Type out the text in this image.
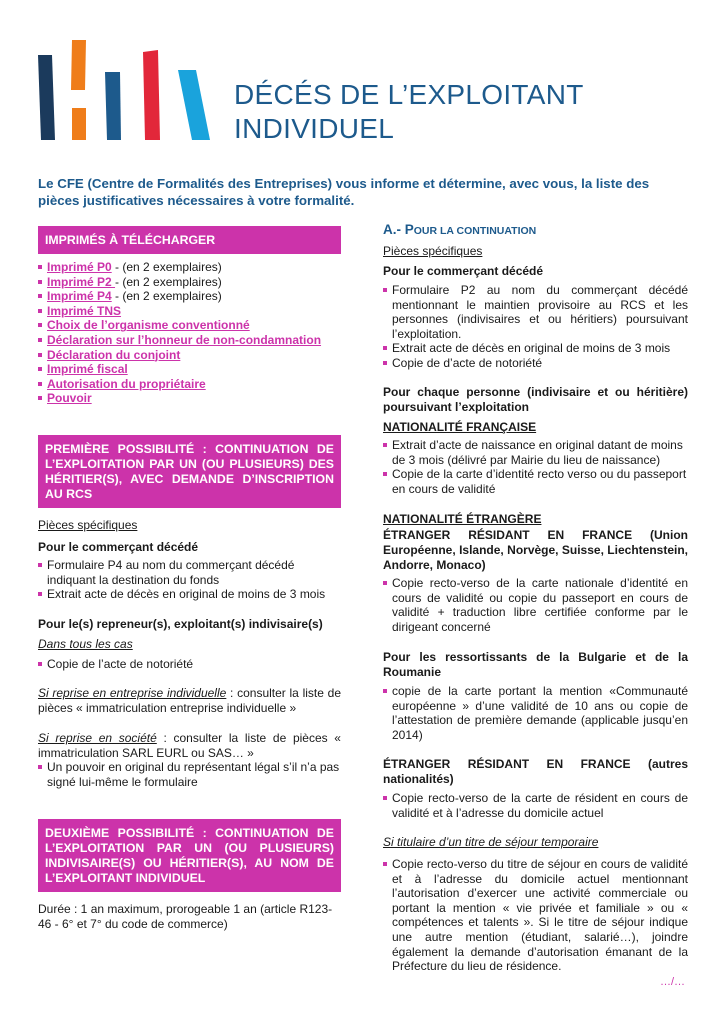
DÉCÉS DE L’EXPLOITANT
INDIVIDUEL
Le CFE (Centre de Formalités des Entreprises) vous informe et détermine, avec vous, la liste des pièces justificatives nécessaires à votre formalité.
IMPRIMÉS À TÉLÉCHARGER
Imprimé P0 - (en 2 exemplaires)
Imprimé P2 - (en 2 exemplaires)
Imprimé P4 - (en 2 exemplaires)
Imprimé TNS
Choix de l’organisme conventionné
Déclaration sur l’honneur de non-condamnation
Déclaration du conjoint
Imprimé fiscal
Autorisation du propriétaire
Pouvoir
PREMIÈRE POSSIBILITÉ : CONTINUATION DE L’EXPLOITATION PAR UN (OU PLUSIEURS) DES HÉRITIER(S), AVEC DEMANDE D’INSCRIPTION AU RCS
Pièces spécifiques
Pour le commerçant décédé
Formulaire P4 au nom du commerçant décédé indiquant la destination du fonds
Extrait acte de décès en original de moins de 3 mois
Pour le(s) repreneur(s), exploitant(s) indivisaire(s)
Dans tous les cas
Copie de l’acte de notoriété
Si reprise en entreprise individuelle : consulter la liste de pièces « immatriculation entreprise individuelle »
Si reprise en société : consulter la liste de pièces « immatriculation SARL EURL ou SAS… »
Un pouvoir en original du représentant légal s’il n’a pas signé lui-même le formulaire
DEUXIÈME POSSIBILITÉ : CONTINUATION DE L’EXPLOITATION PAR UN (OU PLUSIEURS) INDIVISAIRE(S) OU HÉRITIER(S), AU NOM DE L’EXPLOITANT INDIVIDUEL
Durée : 1 an maximum, prorogeable 1 an (article R123-46 - 6° et 7° du code de commerce)
A.- POUR LA CONTINUATION
Pièces spécifiques
Pour le commerçant décédé
Formulaire P2 au nom du commerçant décédé mentionnant le maintien provisoire au RCS et les personnes (indivisaires et ou héritiers) poursuivant l’exploitation.
Extrait acte de décès en original de moins de 3 mois
Copie de d’acte de notoriété
Pour chaque personne (indivisaire et ou héritière) poursuivant l’exploitation
NATIONALITÉ FRANÇAISE
Extrait d’acte de naissance en original datant de moins de 3 mois (délivré par Mairie du lieu de naissance)
Copie de la carte d’identité recto verso ou du passeport en cours de validité
NATIONALITÉ ÉTRANGÈRE
ÉTRANGER RÉSIDANT EN FRANCE (Union Européenne, Islande, Norvège, Suisse, Liechtenstein, Andorre, Monaco)
Copie recto-verso de la carte nationale d’identité en cours de validité ou copie du passeport en cours de validité + traduction libre certifiée conforme par le dirigeant concerné
Pour les ressortissants de la Bulgarie et de la Roumanie
copie de la carte portant la mention «Communauté européenne » d’une validité de 10 ans ou copie de l’attestation de première demande (applicable jusqu’en 2014)
ÉTRANGER RÉSIDANT EN FRANCE (autres nationalités)
Copie recto-verso de la carte de résident en cours de validité et à l’adresse du domicile actuel
Si titulaire d’un titre de séjour temporaire
Copie recto-verso du titre de séjour en cours de validité et à l’adresse du domicile actuel mentionnant l’autorisation d’exercer une activité commerciale ou portant la mention « vie privée et familiale » ou « compétences et talents ». Si le titre de séjour indique une autre mention (étudiant, salarié…), joindre également la demande d’autorisation émanant de la Préfecture du lieu de résidence.
…/…
